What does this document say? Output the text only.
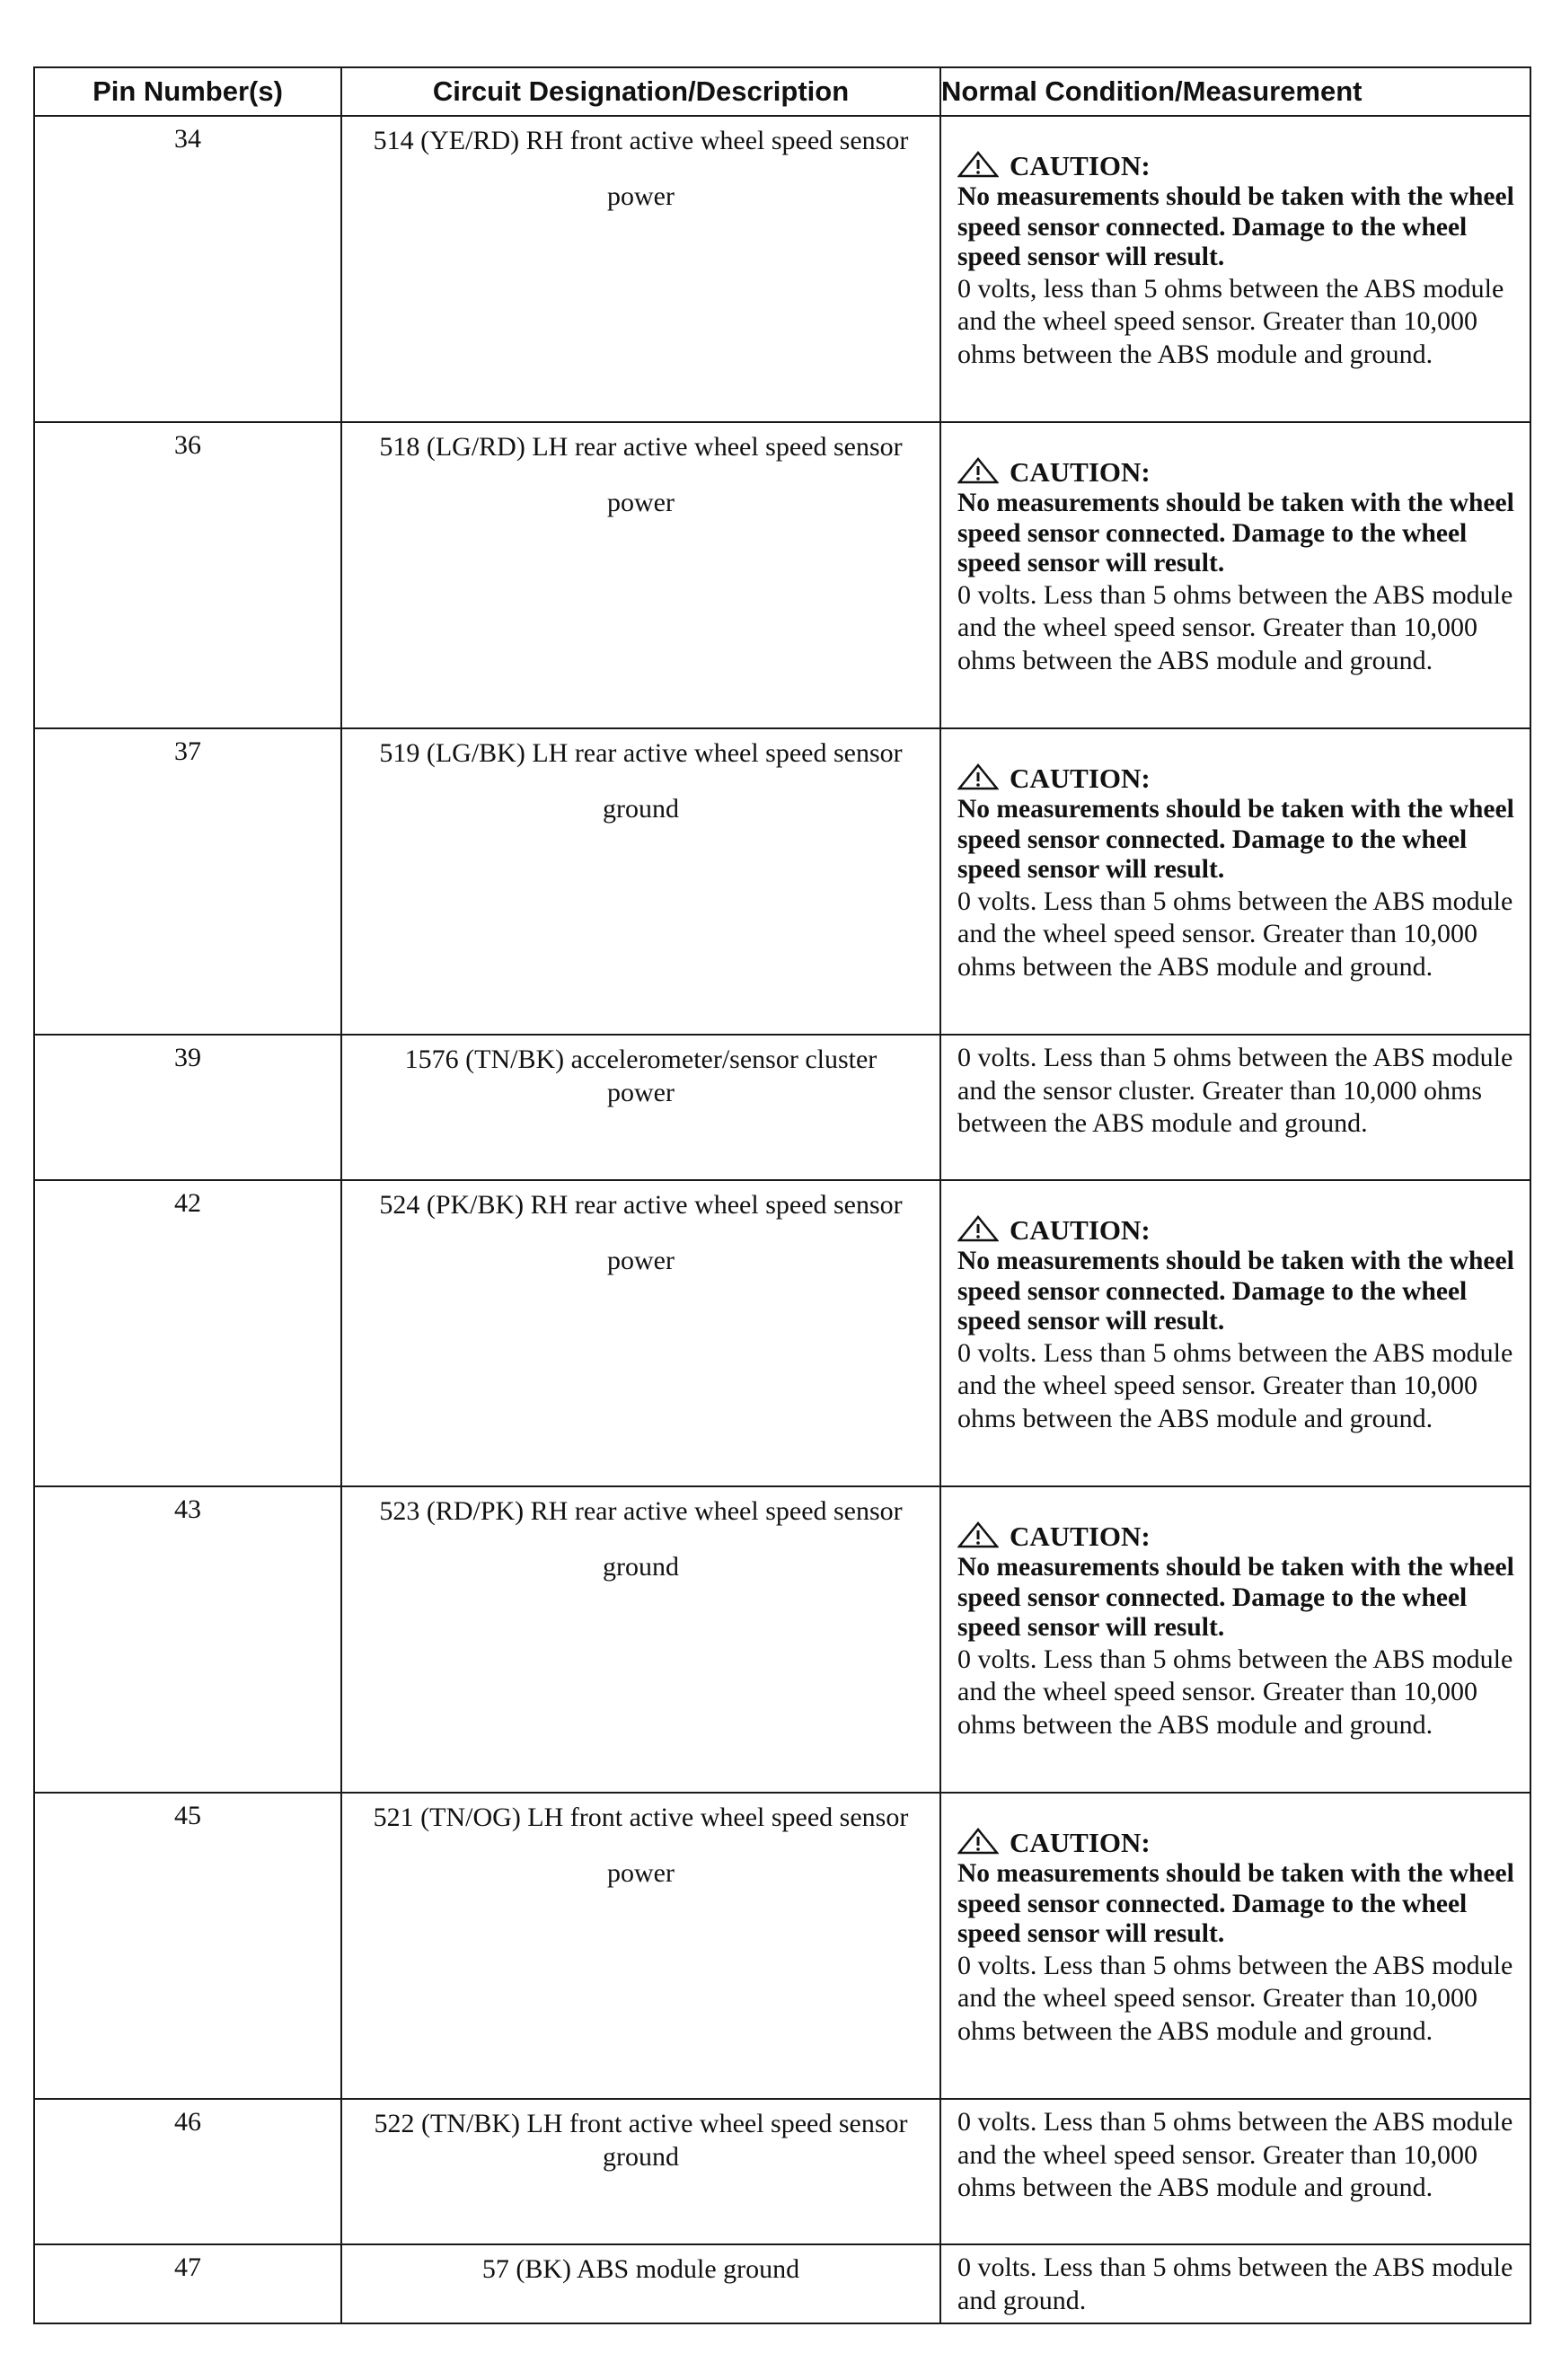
Pin Number(s)	Circuit Designation/Description	Normal Condition/Measurement
34	514 (YE/RD) RH front active wheel speed sensor power	CAUTION:
No measurements should be taken with the wheel speed sensor connected. Damage to the wheel speed sensor will result.
0 volts, less than 5 ohms between the ABS module and the wheel speed sensor. Greater than 10,000 ohms between the ABS module and ground.

36	518 (LG/RD) LH rear active wheel speed sensor power	CAUTION:
No measurements should be taken with the wheel speed sensor connected. Damage to the wheel speed sensor will result.
0 volts. Less than 5 ohms between the ABS module and the wheel speed sensor. Greater than 10,000 ohms between the ABS module and ground.

37	519 (LG/BK) LH rear active wheel speed sensor ground	CAUTION:
No measurements should be taken with the wheel speed sensor connected. Damage to the wheel speed sensor will result.
0 volts. Less than 5 ohms between the ABS module and the wheel speed sensor. Greater than 10,000 ohms between the ABS module and ground.

39	1576 (TN/BK) accelerometer/sensor cluster power	0 volts. Less than 5 ohms between the ABS module and the sensor cluster. Greater than 10,000 ohms between the ABS module and ground.

42	524 (PK/BK) RH rear active wheel speed sensor power	CAUTION:
No measurements should be taken with the wheel speed sensor connected. Damage to the wheel speed sensor will result.
0 volts. Less than 5 ohms between the ABS module and the wheel speed sensor. Greater than 10,000 ohms between the ABS module and ground.

43	523 (RD/PK) RH rear active wheel speed sensor ground	CAUTION:
No measurements should be taken with the wheel speed sensor connected. Damage to the wheel speed sensor will result.
0 volts. Less than 5 ohms between the ABS module and the wheel speed sensor. Greater than 10,000 ohms between the ABS module and ground.

45	521 (TN/OG) LH front active wheel speed sensor power	CAUTION:
No measurements should be taken with the wheel speed sensor connected. Damage to the wheel speed sensor will result.
0 volts. Less than 5 ohms between the ABS module and the wheel speed sensor. Greater than 10,000 ohms between the ABS module and ground.

46	522 (TN/BK) LH front active wheel speed sensor ground	0 volts. Less than 5 ohms between the ABS module and the wheel speed sensor. Greater than 10,000 ohms between the ABS module and ground.

47	57 (BK) ABS module ground	0 volts. Less than 5 ohms between the ABS module and ground.
